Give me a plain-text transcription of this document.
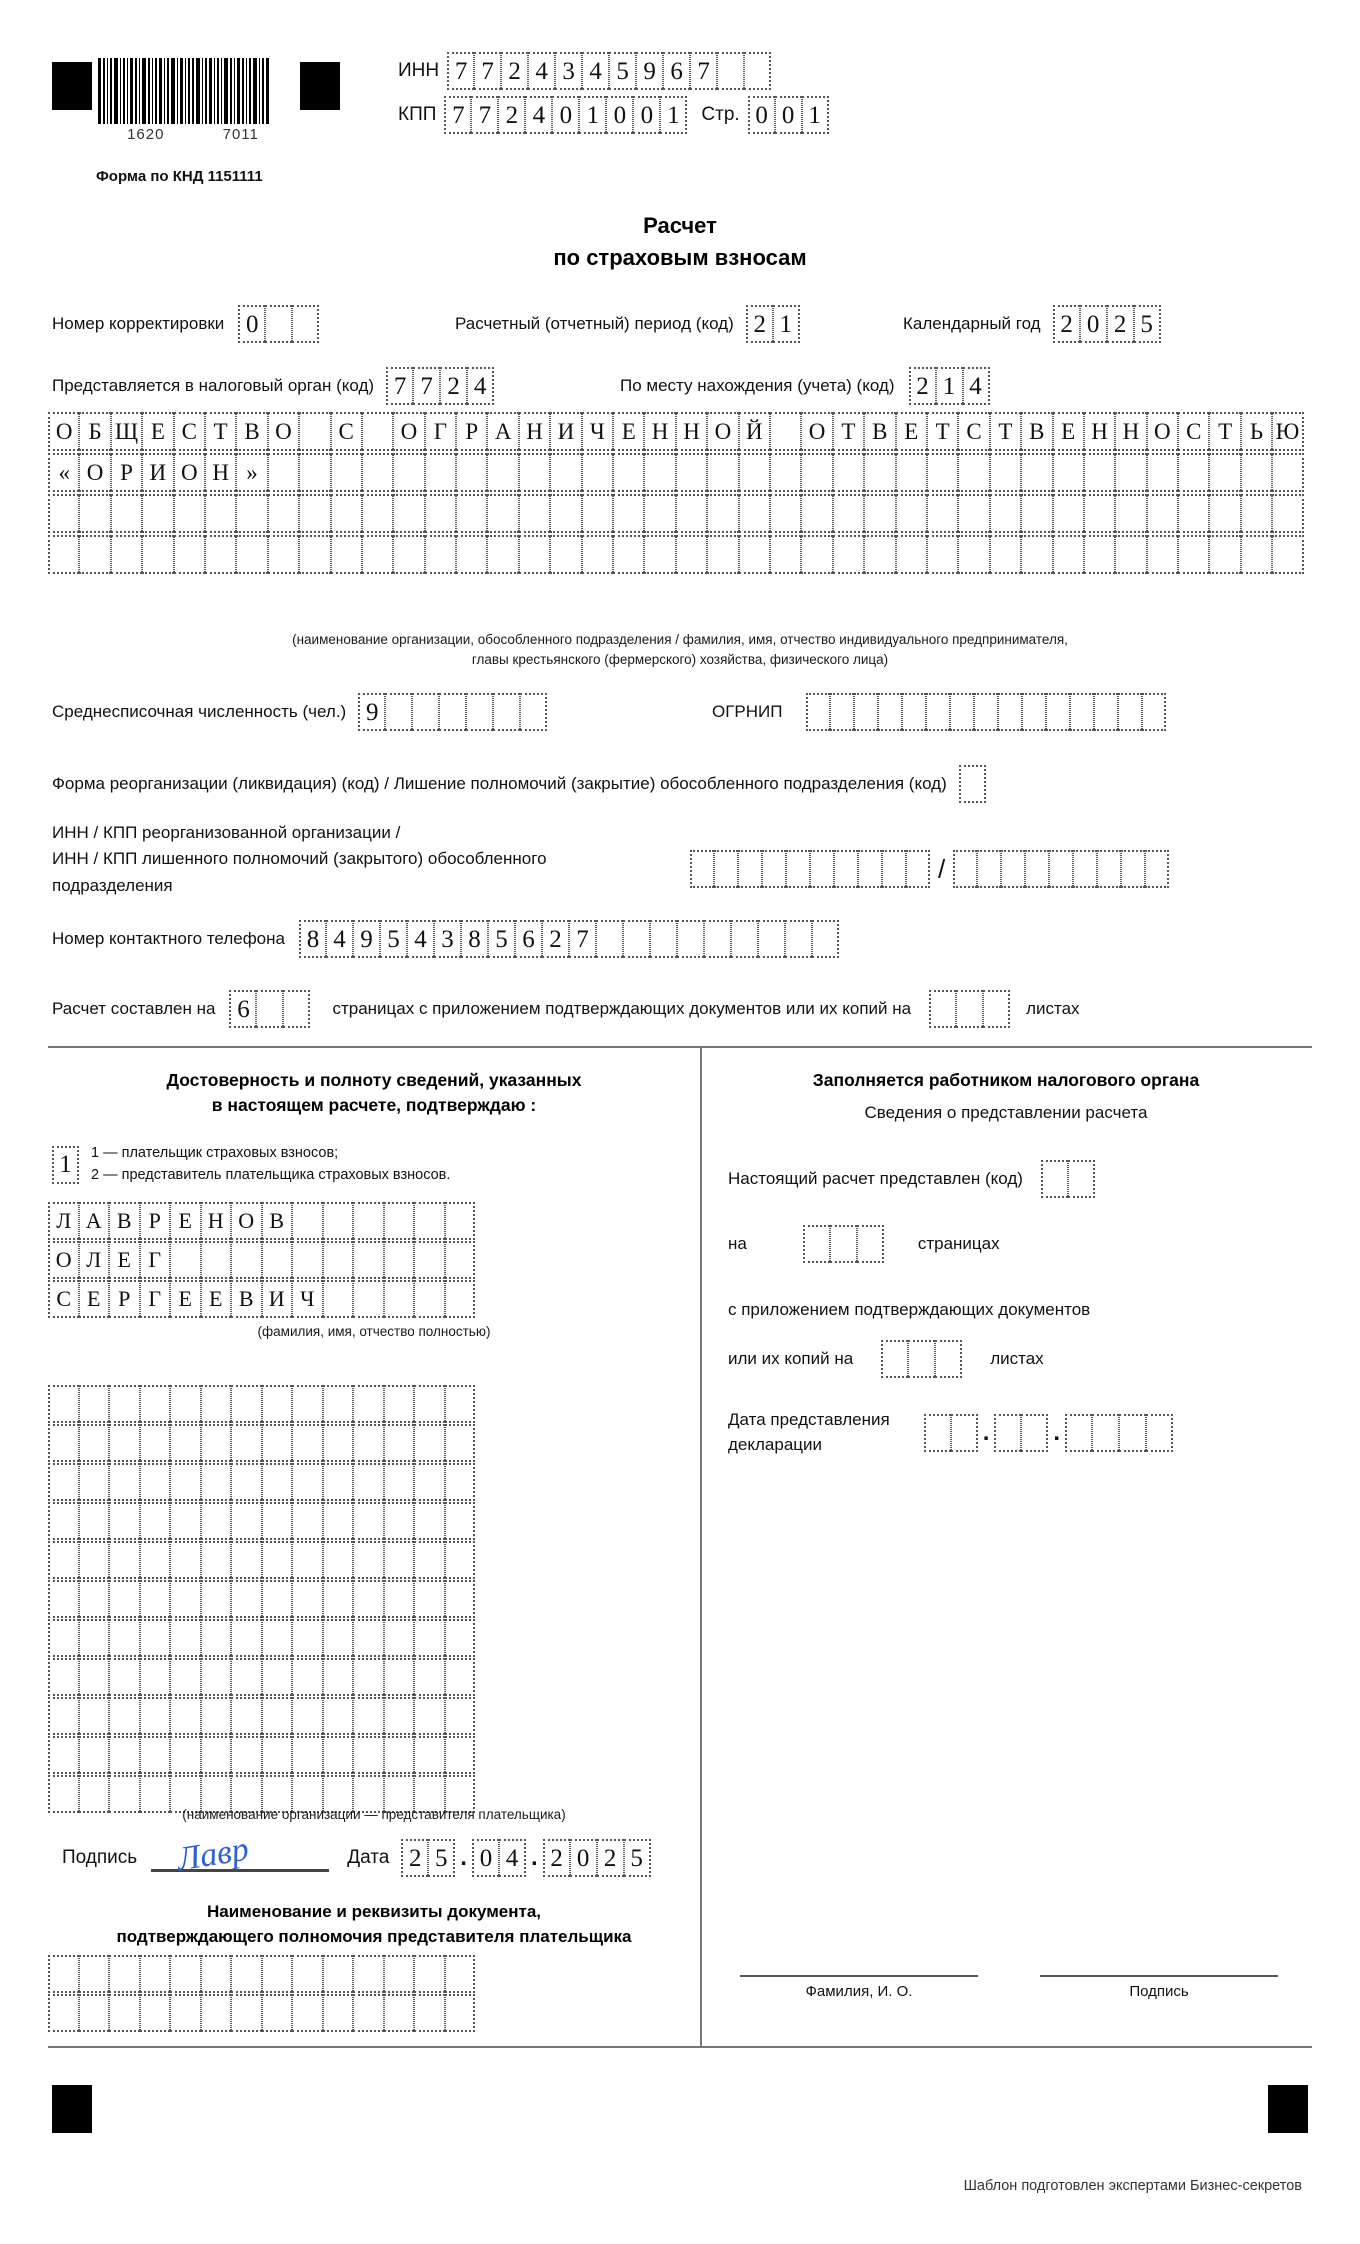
1620	7011
Форма по КНД 1151111
ИНН 7 7 2 4 3 4 5 9 6 7
КПП 7 7 2 4 0 1 0 0 1	Стр. 0 0 1
Расчет
по страховым взносам
Номер корректировки 0	Расчетный (отчетный) период (код) 2 1	Календарный год 2 0 2 5
Представляется в налоговый орган (код) 7 7 2 4	По месту нахождения (учета) (код) 2 1 4
О Б Щ Е С Т В О	С	О Г Р А Н И Ч Е Н Н О Й	О Т В Е Т С Т В Е Н Н О С Т Ь Ю
« О Р И О Н »
(наименование организации, обособленного подразделения / фамилия, имя, отчество индивидуального предпринимателя,
главы крестьянского (фермерского) хозяйства, физического лица)
Среднесписочная численность (чел.) 9	ОГРНИП
Форма реорганизации (ликвидация) (код) / Лишение полномочий (закрытие) обособленного подразделения (код)
ИНН / КПП реорганизованной организации /
ИНН / КПП лишенного полномочий (закрытого) обособленного
подразделения
/
Номер контактного телефона 8 4 9 5 4 3 8 5 6 2 7
Расчет составлен на 6	страницах с приложением подтверждающих документов или их копий на	листах
Достоверность и полноту сведений, указанных
в настоящем расчете, подтверждаю :
1	1 — плательщик страховых взносов;
2 — представитель плательщика страховых взносов.
Л А В Р Е Н О В
О Л Е Г
С Е Р Г Е Е В И Ч
(фамилия, имя, отчество полностью)
(наименование организации — представителя плательщика)
Подпись Лавр	Дата 2 5 . 0 4 . 2 0 2 5
Наименование и реквизиты документа,
подтверждающего полномочия представителя плательщика
Заполняется работником налогового органа
Сведения о представлении расчета
Настоящий расчет представлен (код)
на	страницах
с приложением подтверждающих документов
или их копий на	листах
Дата представления
декларации	.	.
Фамилия, И. О.	Подпись
Шаблон подготовлен экспертами Бизнес-секретов
